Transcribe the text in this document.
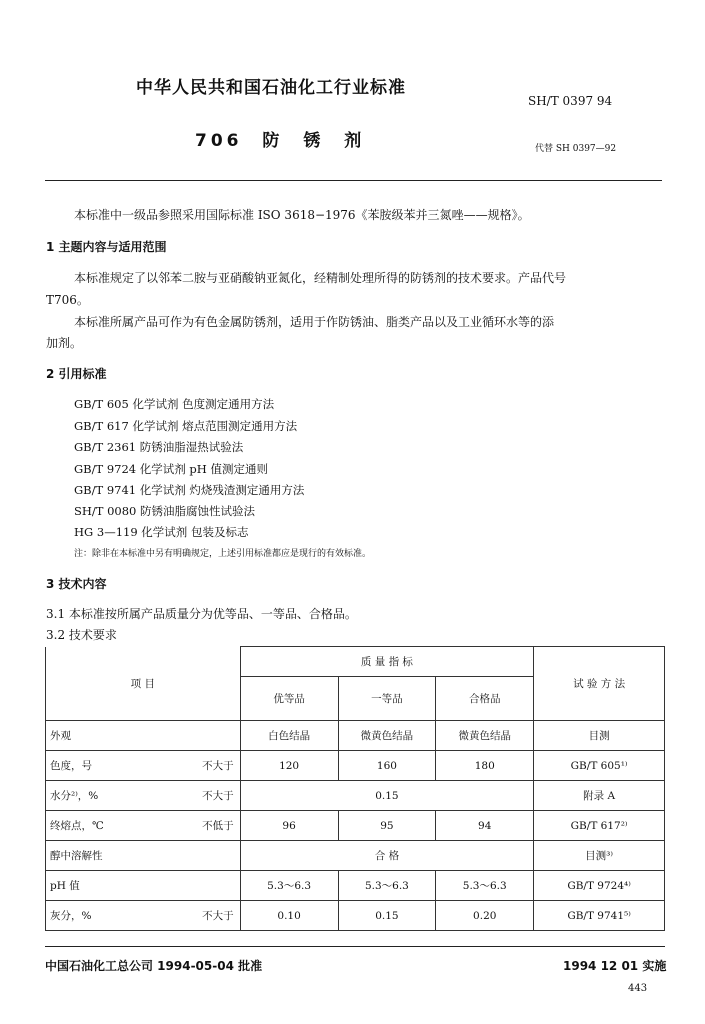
中华人民共和国石油化工行业标准
SH/T 0397 94
706 防 锈 剂	代替 SH 0397—92
本标准中一级品参照采用国际标准 ISO 3618−1976《苯胺级苯并三氮唑——规格》。
1 主题内容与适用范围
本标准规定了以邻苯二胺与亚硝酸钠亚氮化，经精制处理所得的防锈剂的技术要求。产品代号
T706。
本标准所属产品可作为有色金属防锈剂，适用于作防锈油、脂类产品以及工业循环水等的添
加剂。
2 引用标准
GB/T 605 化学试剂 色度测定通用方法
GB/T 617 化学试剂 熔点范围测定通用方法
GB/T 2361 防锈油脂湿热试验法
GB/T 9724 化学试剂 pH 值测定通则
GB/T 9741 化学试剂 灼烧残渣测定通用方法
SH/T 0080 防锈油脂腐蚀性试验法
HG 3—119 化学试剂 包装及标志
注：除非在本标准中另有明确规定，上述引用标准都应是现行的有效标准。
3 技术内容
3.1 本标准按所属产品质量分为优等品、一等品、合格品。
3.2 技术要求
项 目		质 量 指 标			试 验 方 法
		优等品	一等品	合格品	
外观		白色结晶	微黄色结晶	微黄色结晶	目测
色度，号	不大于	120	160	180	GB/T 605¹⁾
水分²⁾，%	不大于	0.15			附录 A
终熔点，℃	不低于	96	95	94	GB/T 617²⁾
醇中溶解性		合 格			目测³⁾
pH 值		5.3～6.3	5.3～6.3	5.3～6.3	GB/T 9724⁴⁾
灰分，%	不大于	0.10	0.15	0.20	GB/T 9741⁵⁾
中国石油化工总公司 1994-05-04 批准	1994 12 01 实施
443
